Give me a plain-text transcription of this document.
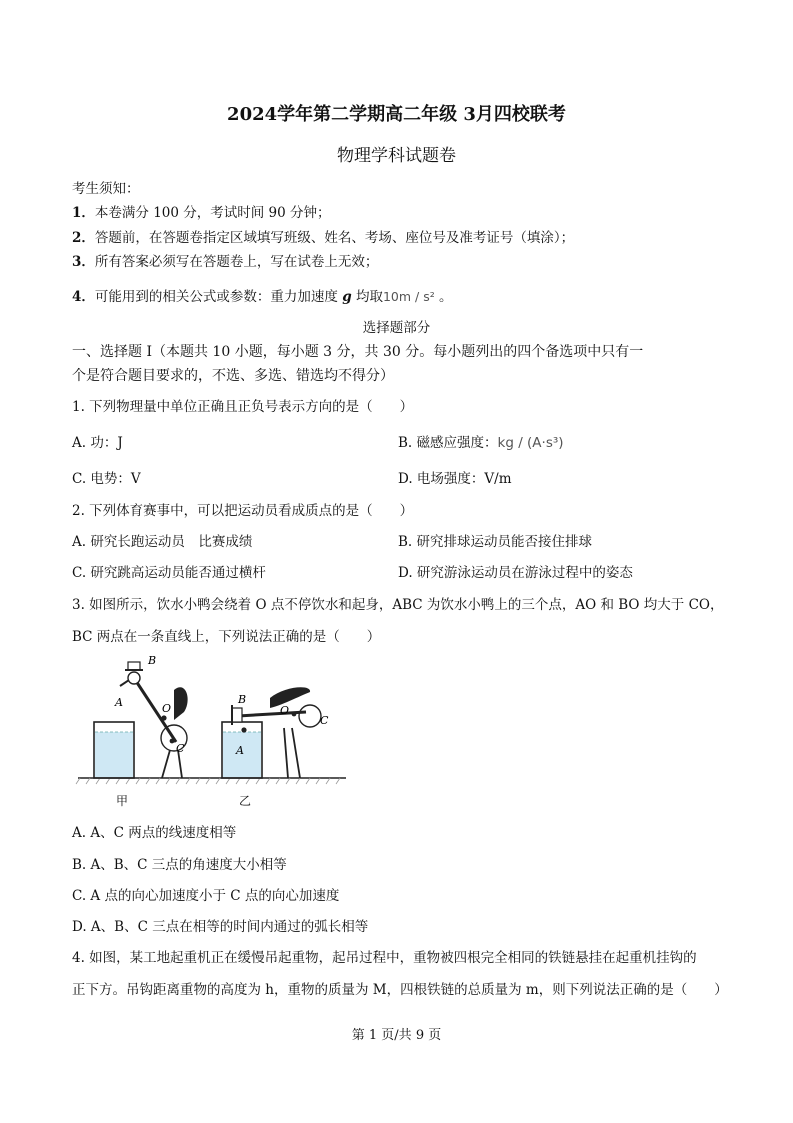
2024学年第二学期高二年级 3月四校联考
物理学科试题卷
考生须知：
1．本卷满分 100 分，考试时间 90 分钟；
2．答题前，在答题卷指定区域填写班级、姓名、考场、座位号及准考证号（填涂）；
3．所有答案必须写在答题卷上，写在试卷上无效；
4．可能用到的相关公式或参数：重力加速度 g 均取10m / s² 。
选择题部分
一、选择题 I（本题共 10 小题，每小题 3 分，共 30 分。每小题列出的四个备选项中只有一
个是符合题目要求的，不选、多选、错选均不得分）
1. 下列物理量中单位正确且正负号表示方向的是（　　）
A. 功：J	B. 磁感应强度：kg / (A·s³)
C. 电势：V	D. 电场强度：V/m
2. 下列体育赛事中，可以把运动员看成质点的是（　　）
A. 研究长跑运动员　比赛成绩	B. 研究排球运动员能否接住排球
C. 研究跳高运动员能否通过横杆	D. 研究游泳运动员在游泳过程中的姿态
3. 如图所示，饮水小鸭会绕着 O 点不停饮水和起身，ABC 为饮水小鸭上的三个点，AO 和 BO 均大于 CO，
BC 两点在一条直线上，下列说法正确的是（　　）
B
A	O
C
B
A
O
C
甲	乙
A. A、C 两点的线速度相等
B. A、B、C 三点的角速度大小相等
C. A 点的向心加速度小于 C 点的向心加速度
D. A、B、C 三点在相等的时间内通过的弧长相等
4. 如图，某工地起重机正在缓慢吊起重物，起吊过程中，重物被四根完全相同的铁链悬挂在起重机挂钩的
正下方。吊钩距离重物的高度为 h，重物的质量为 M，四根铁链的总质量为 m，则下列说法正确的是（　　）
第 1 页/共 9 页
